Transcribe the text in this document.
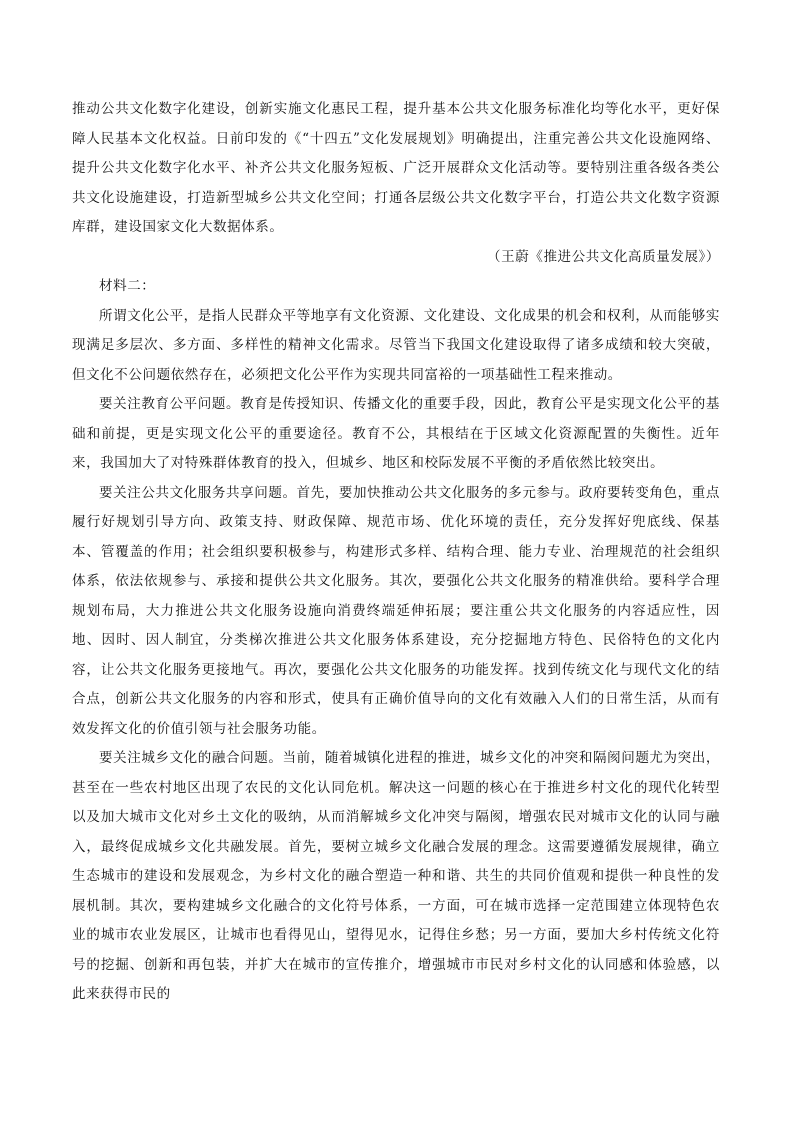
推动公共文化数字化建设，创新实施文化惠民工程，提升基本公共文化服务标准化均等化水平，更好保障人民基本文化权益。日前印发的《“十四五”文化发展规划》明确提出，注重完善公共文化设施网络、提升公共文化数字化水平、补齐公共文化服务短板、广泛开展群众文化活动等。要特别注重各级各类公共文化设施建设，打造新型城乡公共文化空间；打通各层级公共文化数字平台，打造公共文化数字资源库群，建设国家文化大数据体系。

（王蔚《推进公共文化高质量发展》）

材料二：

所谓文化公平，是指人民群众平等地享有文化资源、文化建设、文化成果的机会和权利，从而能够实现满足多层次、多方面、多样性的精神文化需求。尽管当下我国文化建设取得了诸多成绩和较大突破，但文化不公问题依然存在，必须把文化公平作为实现共同富裕的一项基础性工程来推动。

要关注教育公平问题。教育是传授知识、传播文化的重要手段，因此，教育公平是实现文化公平的基础和前提，更是实现文化公平的重要途径。教育不公，其根结在于区域文化资源配置的失衡性。近年来，我国加大了对特殊群体教育的投入，但城乡、地区和校际发展不平衡的矛盾依然比较突出。

要关注公共文化服务共享问题。首先，要加快推动公共文化服务的多元参与。政府要转变角色，重点履行好规划引导方向、政策支持、财政保障、规范市场、优化环境的责任，充分发挥好兜底线、保基本、管覆盖的作用；社会组织要积极参与，构建形式多样、结构合理、能力专业、治理规范的社会组织体系，依法依规参与、承接和提供公共文化服务。其次，要强化公共文化服务的精准供给。要科学合理规划布局，大力推进公共文化服务设施向消费终端延伸拓展；要注重公共文化服务的内容适应性，因地、因时、因人制宜，分类梯次推进公共文化服务体系建设，充分挖掘地方特色、民俗特色的文化内容，让公共文化服务更接地气。再次，要强化公共文化服务的功能发挥。找到传统文化与现代文化的结合点，创新公共文化服务的内容和形式，使具有正确价值导向的文化有效融入人们的日常生活，从而有效发挥文化的价值引领与社会服务功能。

要关注城乡文化的融合问题。当前，随着城镇化进程的推进，城乡文化的冲突和隔阂问题尤为突出，甚至在一些农村地区出现了农民的文化认同危机。解决这一问题的核心在于推进乡村文化的现代化转型以及加大城市文化对乡土文化的吸纳，从而消解城乡文化冲突与隔阂，增强农民对城市文化的认同与融入，最终促成城乡文化共融发展。首先，要树立城乡文化融合发展的理念。这需要遵循发展规律，确立生态城市的建设和发展观念，为乡村文化的融合塑造一种和谐、共生的共同价值观和提供一种良性的发展机制。其次，要构建城乡文化融合的文化符号体系，一方面，可在城市选择一定范围建立体现特色农业的城市农业发展区，让城市也看得见山，望得见水，记得住乡愁；另一方面，要加大乡村传统文化符号的挖掘、创新和再包装，并扩大在城市的宣传推介，增强城市市民对乡村文化的认同感和体验感，以此来获得市民的
